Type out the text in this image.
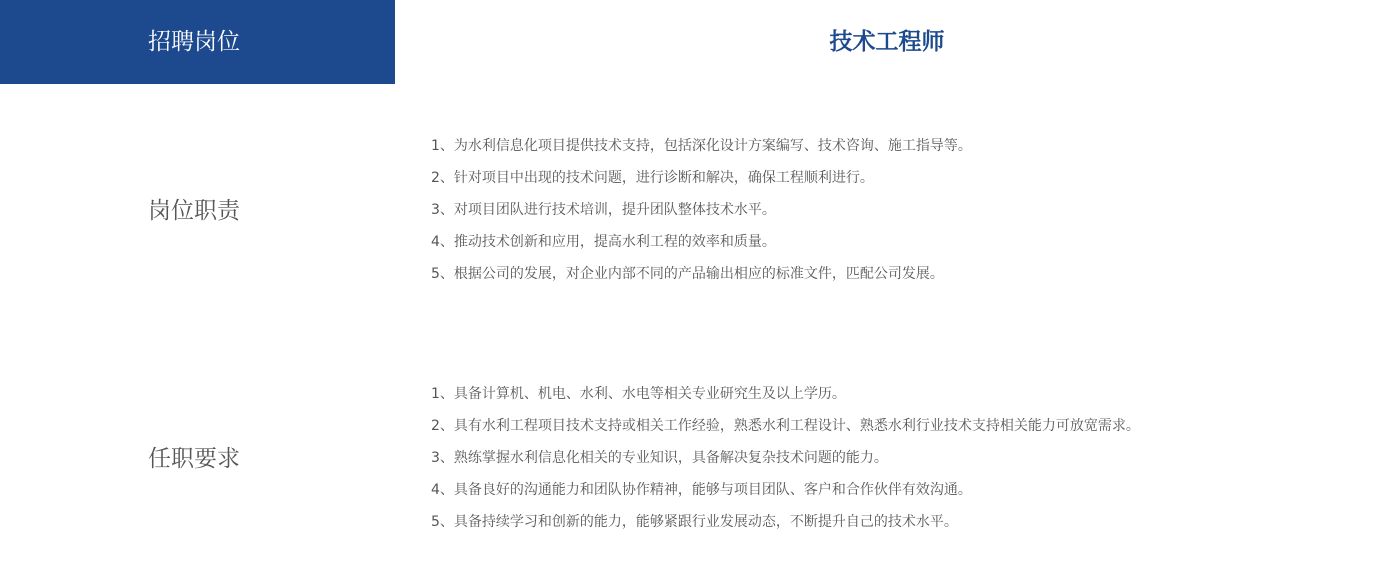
招聘岗位	技术工程师
岗位职责
1、为水利信息化项目提供技术支持，包括深化设计方案编写、技术咨询、施工指导等。
2、针对项目中出现的技术问题，进行诊断和解决，确保工程顺利进行。
3、对项目团队进行技术培训，提升团队整体技术水平。
4、推动技术创新和应用，提高水利工程的效率和质量。
5、根据公司的发展，对企业内部不同的产品输出相应的标准文件，匹配公司发展。
任职要求
1、具备计算机、机电、水利、水电等相关专业研究生及以上学历。
2、具有水利工程项目技术支持或相关工作经验，熟悉水利工程设计、熟悉水利行业技术支持相关能力可放宽需求。
3、熟练掌握水利信息化相关的专业知识，具备解决复杂技术问题的能力。
4、具备良好的沟通能力和团队协作精神，能够与项目团队、客户和合作伙伴有效沟通。
5、具备持续学习和创新的能力，能够紧跟行业发展动态，不断提升自己的技术水平。
